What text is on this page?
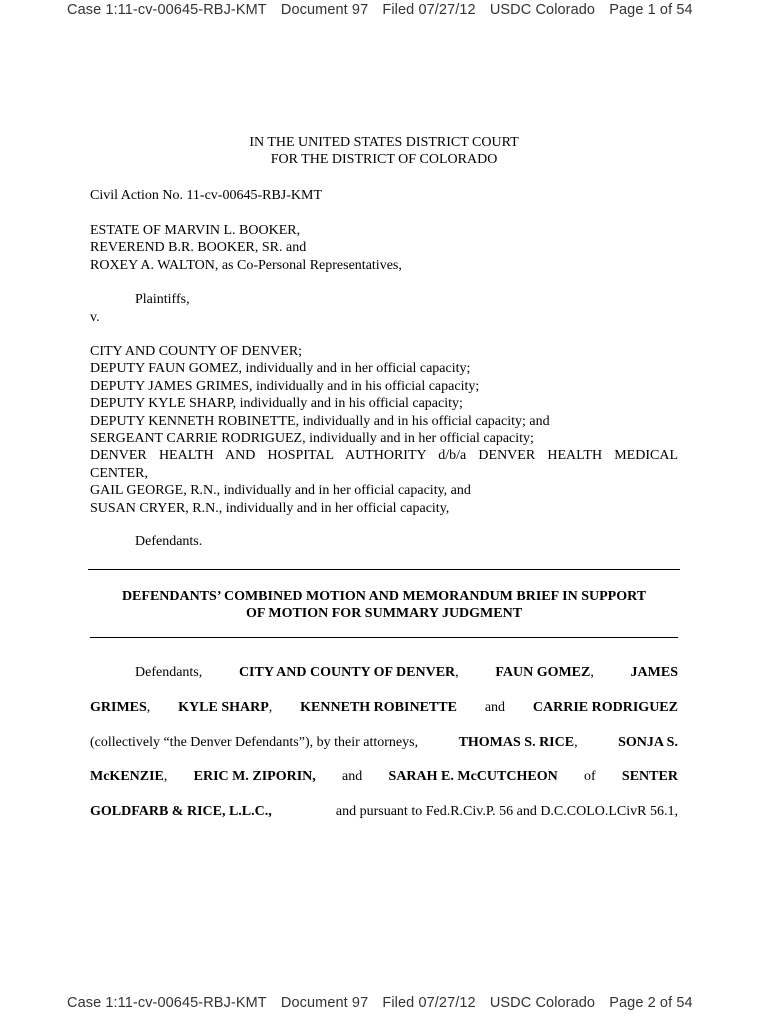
Case 1:11-cv-00645-RBJ-KMT Document 97 Filed 07/27/12 USDC Colorado Page 1 of 54
IN THE UNITED STATES DISTRICT COURT
FOR THE DISTRICT OF COLORADO
Civil Action No. 11-cv-00645-RBJ-KMT
ESTATE OF MARVIN L. BOOKER,
REVEREND B.R. BOOKER, SR. and
ROXEY A. WALTON, as Co-Personal Representatives,
Plaintiffs,
v.
CITY AND COUNTY OF DENVER;
DEPUTY FAUN GOMEZ, individually and in her official capacity;
DEPUTY JAMES GRIMES, individually and in his official capacity;
DEPUTY KYLE SHARP, individually and in his official capacity;
DEPUTY KENNETH ROBINETTE, individually and in his official capacity; and
SERGEANT CARRIE RODRIGUEZ, individually and in her official capacity;
DENVER HEALTH AND HOSPITAL AUTHORITY d/b/a DENVER HEALTH MEDICAL
CENTER,
GAIL GEORGE, R.N., individually and in her official capacity, and
SUSAN CRYER, R.N., individually and in her official capacity,
Defendants.
DEFENDANTS’ COMBINED MOTION AND MEMORANDUM BRIEF IN SUPPORT
OF MOTION FOR SUMMARY JUDGMENT
Defendants,	CITY AND COUNTY OF DENVER,	FAUN GOMEZ,	JAMES
GRIMES, KYLE SHARP, KENNETH ROBINETTE and CARRIE RODRIGUEZ
(collectively “the Denver Defendants”), by their attorneys,	THOMAS S. RICE,	SONJA S.
McKENZIE, ERIC M. ZIPORIN, and SARAH E. McCUTCHEON of SENTER
GOLDFARB & RICE, L.L.C.,	and pursuant to Fed.R.Civ.P. 56 and D.C.COLO.LCivR 56.1,
Case 1:11-cv-00645-RBJ-KMT Document 97 Filed 07/27/12 USDC Colorado Page 2 of 54
